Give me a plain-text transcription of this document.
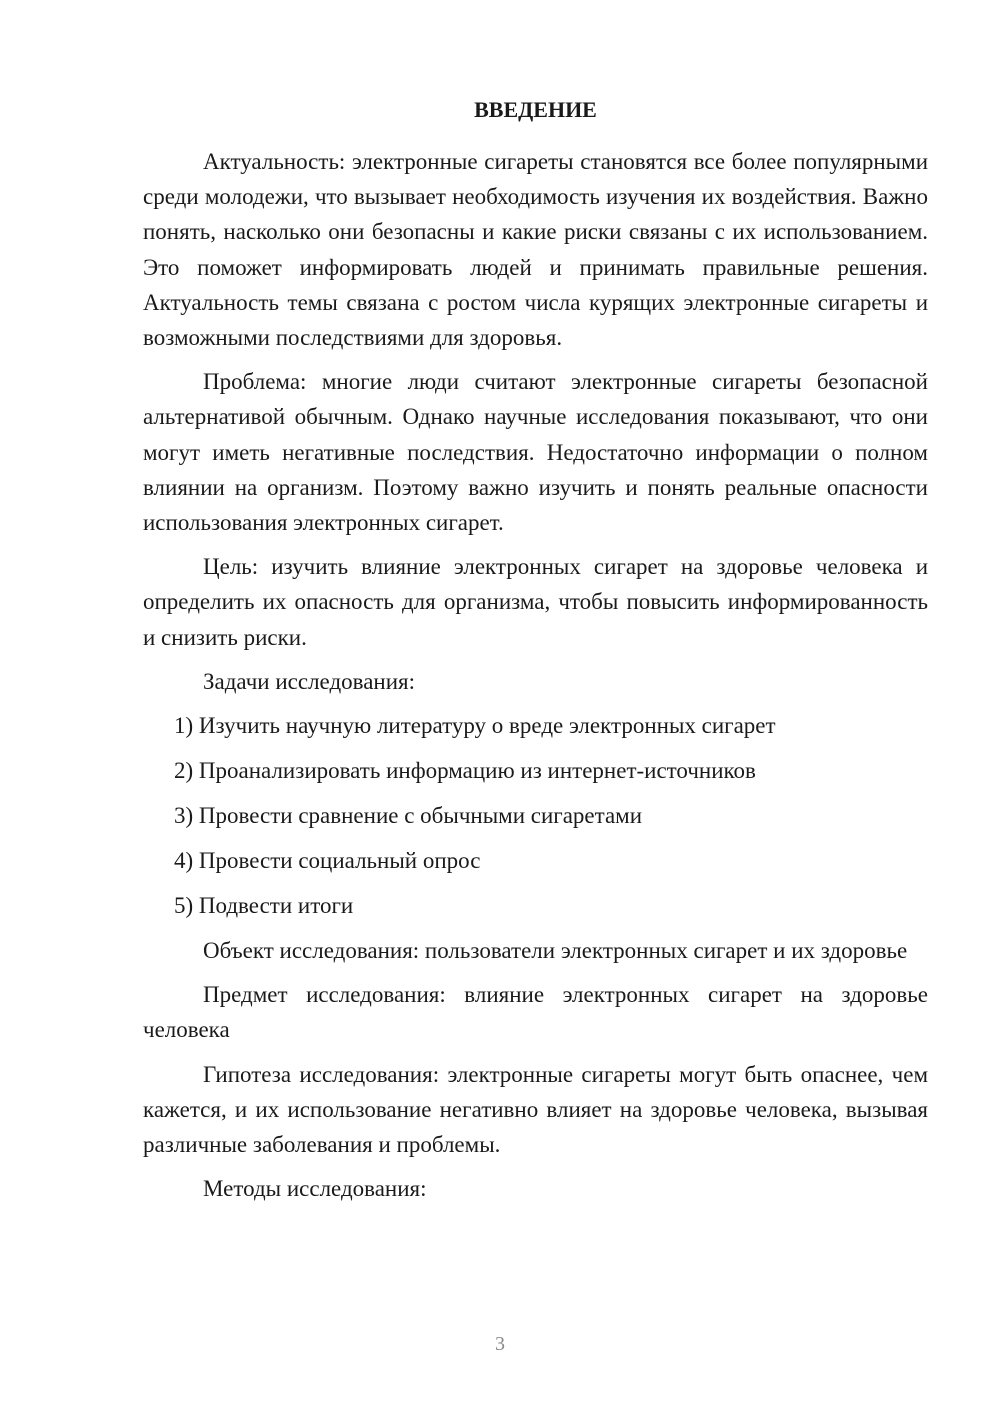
ВВЕДЕНИЕ

Актуальность: электронные сигареты становятся все более популярными среди молодежи, что вызывает необходимость изучения их воздействия. Важно понять, насколько они безопасны и какие риски связаны с их использованием. Это поможет информировать людей и принимать правильные решения. Актуальность темы связана с ростом числа курящих электронные сигареты и возможными последствиями для здоровья.

Проблема: многие люди считают электронные сигареты безопасной альтернативой обычным. Однако научные исследования показывают, что они могут иметь негативные последствия. Недостаточно информации о полном влиянии на организм. Поэтому важно изучить и понять реальные опасности использования электронных сигарет.

Цель: изучить влияние электронных сигарет на здоровье человека и определить их опасность для организма, чтобы повысить информированность и снизить риски.

Задачи исследования:

1) Изучить научную литературу о вреде электронных сигарет
2) Проанализировать информацию из интернет-источников
3) Провести сравнение с обычными сигаретами
4) Провести социальный опрос
5) Подвести итоги

Объект исследования: пользователи электронных сигарет и их здоровье

Предмет исследования: влияние электронных сигарет на здоровье человека

Гипотеза исследования: электронные сигареты могут быть опаснее, чем кажется, и их использование негативно влияет на здоровье человека, вызывая различные заболевания и проблемы.

Методы исследования:

3
